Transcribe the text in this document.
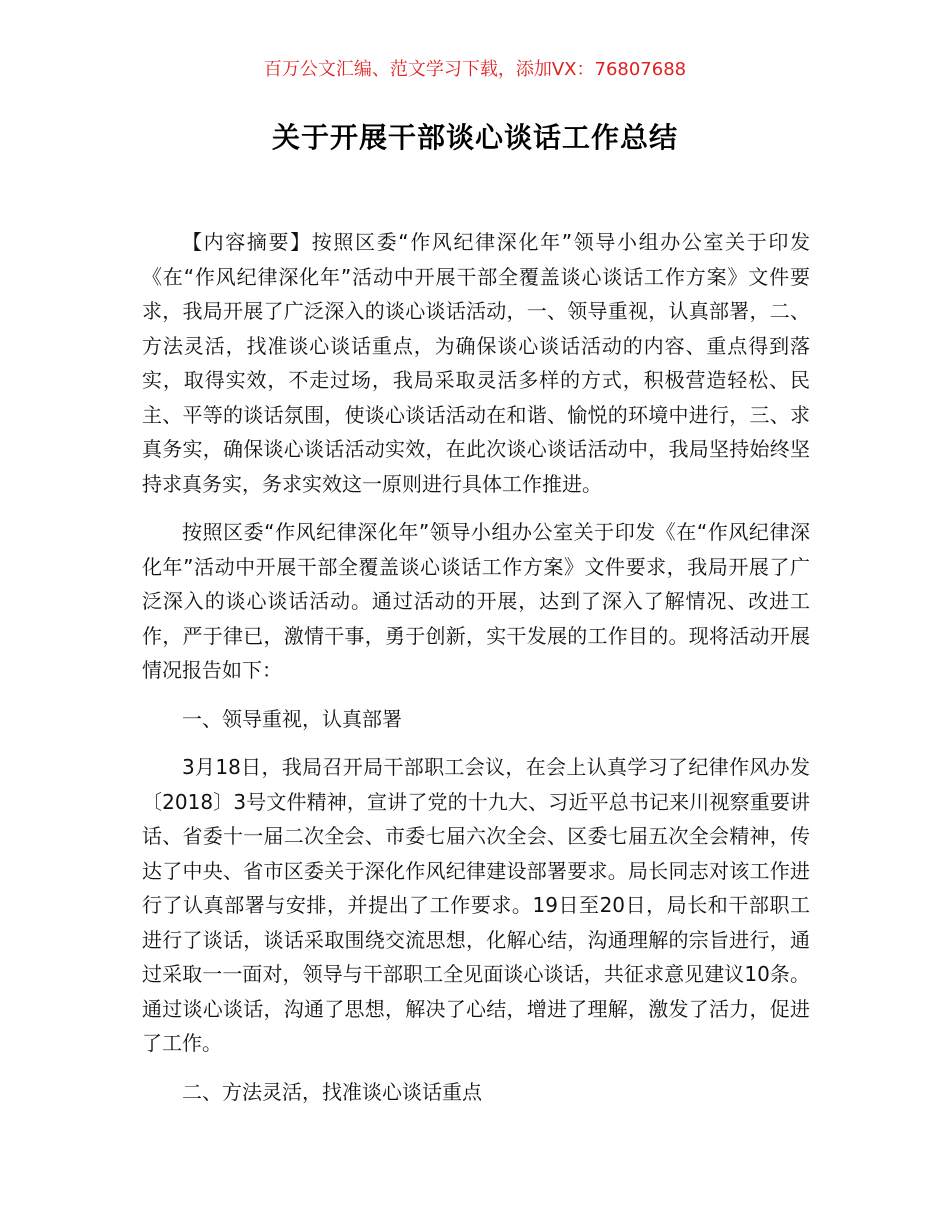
百万公文汇编、范文学习下载，添加VX：76807688
关于开展干部谈心谈话工作总结

【内容摘要】按照区委“作风纪律深化年”领导小组办公室关于印发《在“作风纪律深化年”活动中开展干部全覆盖谈心谈话工作方案》文件要求，我局开展了广泛深入的谈心谈话活动，一、领导重视，认真部署，二、方法灵活，找准谈心谈话重点，为确保谈心谈话活动的内容、重点得到落实，取得实效，不走过场，我局采取灵活多样的方式，积极营造轻松、民主、平等的谈话氛围，使谈心谈话活动在和谐、愉悦的环境中进行，三、求真务实，确保谈心谈话活动实效，在此次谈心谈话活动中，我局坚持始终坚持求真务实，务求实效这一原则进行具体工作推进。

按照区委“作风纪律深化年”领导小组办公室关于印发《在“作风纪律深化年”活动中开展干部全覆盖谈心谈话工作方案》文件要求，我局开展了广泛深入的谈心谈话活动。通过活动的开展，达到了深入了解情况、改进工作，严于律已，激情干事，勇于创新，实干发展的工作目的。现将活动开展情况报告如下：

一、领导重视，认真部署

3月18日，我局召开局干部职工会议，在会上认真学习了纪律作风办发〔2018〕3号文件精神，宣讲了党的十九大、习近平总书记来川视察重要讲话、省委十一届二次全会、市委七届六次全会、区委七届五次全会精神，传达了中央、省市区委关于深化作风纪律建设部署要求。局长同志对该工作进行了认真部署与安排，并提出了工作要求。19日至20日，局长和干部职工进行了谈话，谈话采取围绕交流思想，化解心结，沟通理解的宗旨进行，通过采取一一面对，领导与干部职工全见面谈心谈话，共征求意见建议10条。通过谈心谈话，沟通了思想，解决了心结，增进了理解，激发了活力，促进了工作。

二、方法灵活，找准谈心谈话重点
